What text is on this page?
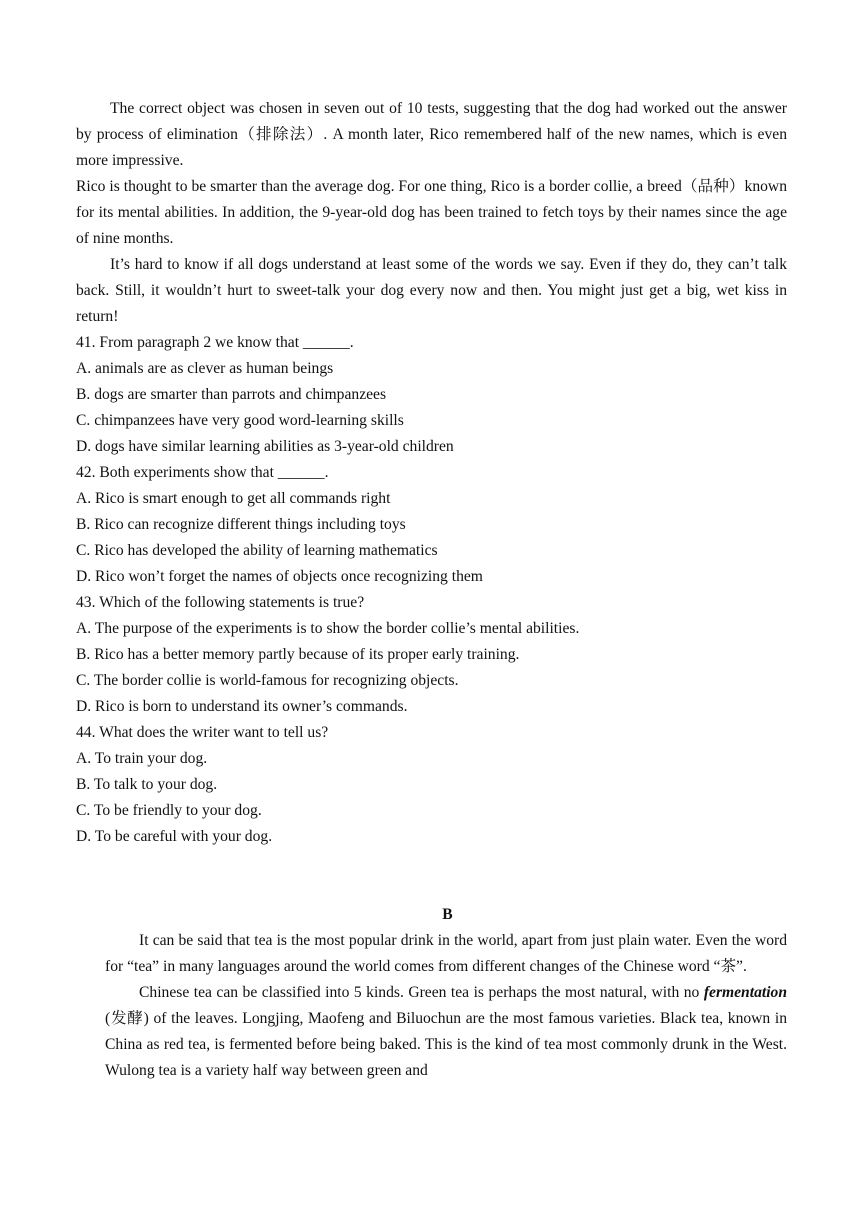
The correct object was chosen in seven out of 10 tests, suggesting that the dog had worked out the answer by process of elimination（排除法）. A month later, Rico remembered half of the new names, which is even more impressive.

Rico is thought to be smarter than the average dog. For one thing, Rico is a border collie, a breed（品种）known for its mental abilities. In addition, the 9-year-old dog has been trained to fetch toys by their names since the age of nine months.

It’s hard to know if all dogs understand at least some of the words we say. Even if they do, they can’t talk back. Still, it wouldn’t hurt to sweet-talk your dog every now and then. You might just get a big, wet kiss in return!

41. From paragraph 2 we know that ______.

A. animals are as clever as human beings

B. dogs are smarter than parrots and chimpanzees

C. chimpanzees have very good word-learning skills

D. dogs have similar learning abilities as 3-year-old children

42. Both experiments show that ______.

A. Rico is smart enough to get all commands right

B. Rico can recognize different things including toys

C. Rico has developed the ability of learning mathematics

D. Rico won’t forget the names of objects once recognizing them

43. Which of the following statements is true?

A. The purpose of the experiments is to show the border collie’s mental abilities.

B. Rico has a better memory partly because of its proper early training.

C. The border collie is world-famous for recognizing objects.

D. Rico is born to understand its owner’s commands.

44. What does the writer want to tell us?

A. To train your dog.

B. To talk to your dog.

C. To be friendly to your dog.

D. To be careful with your dog.

B

It can be said that tea is the most popular drink in the world, apart from just plain water. Even the word for “tea” in many languages around the world comes from different changes of the Chinese word “茶”.

Chinese tea can be classified into 5 kinds. Green tea is perhaps the most natural, with no fermentation (发酵) of the leaves. Longjing, Maofeng and Biluochun are the most famous varieties. Black tea, known in China as red tea, is fermented before being baked. This is the kind of tea most commonly drunk in the West. Wulong tea is a variety half way between green and
